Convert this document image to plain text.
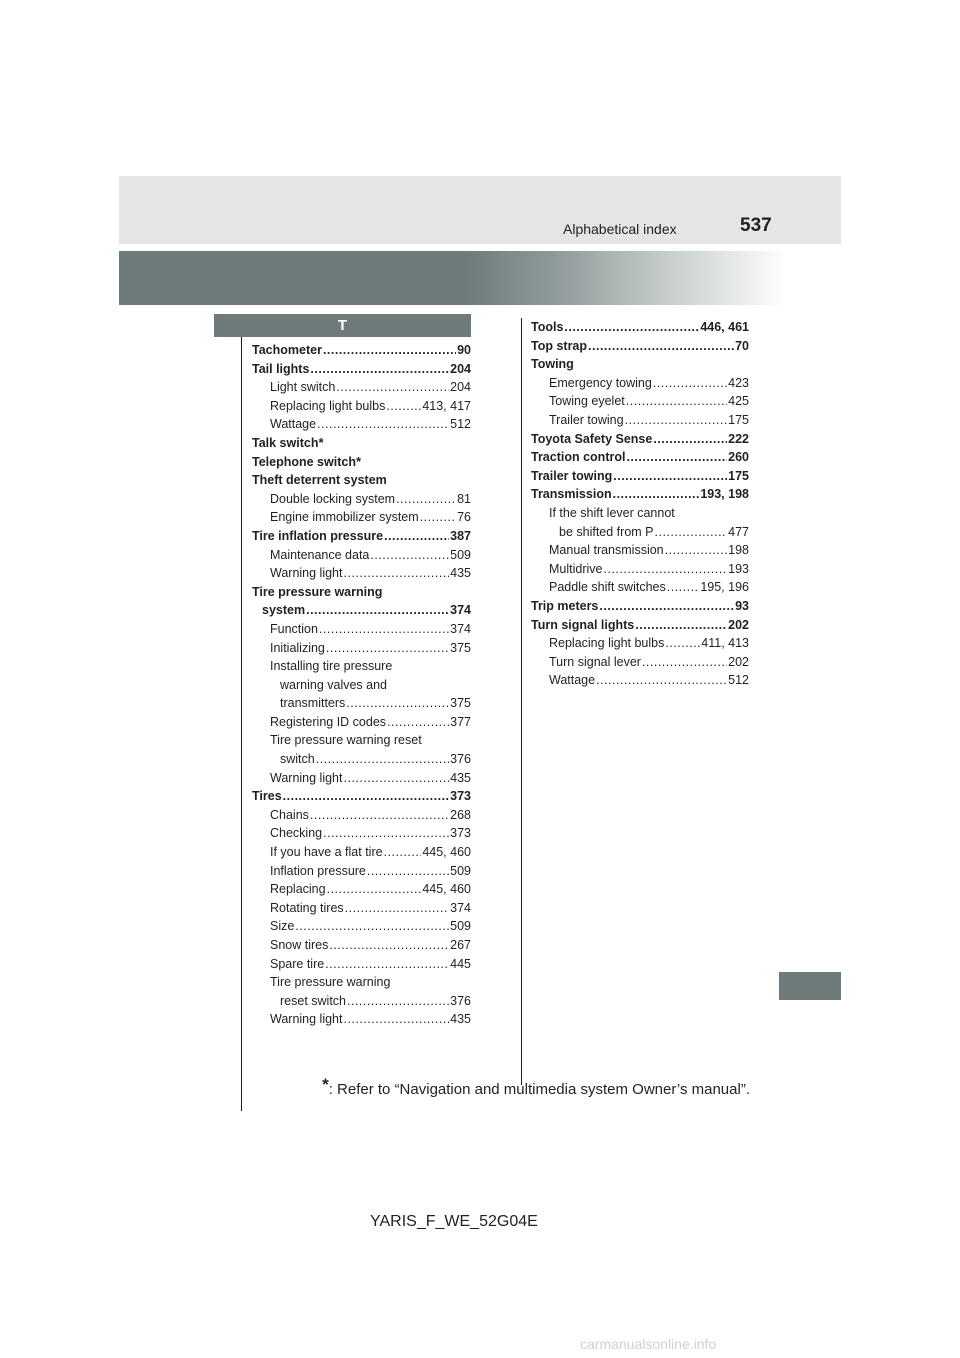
Alphabetical index	537
T
Tachometer .....	90
Tail lights .....	204
Light switch .....	204
Replacing light bulbs .....	413, 417
Wattage .....	512
Talk switch *
Telephone switch *
Theft deterrent system
Double locking system .....	81
Engine immobilizer system .....	76
Tire inflation pressure .....	387
Maintenance data .....	509
Warning light .....	435
Tire pressure warning
system .....	374
Function .....	374
Initializing .....	375
Installing tire pressure
warning valves and
transmitters .....	375
Registering ID codes .....	377
Tire pressure warning reset
switch .....	376
Warning light .....	435
Tires .....	373
Chains .....	268
Checking .....	373
If you have a flat tire .....	445, 460
Inflation pressure .....	509
Replacing .....	445, 460
Rotating tires .....	374
Size .....	509
Snow tires .....	267
Spare tire .....	445
Tire pressure warning
reset switch .....	376
Warning light .....	435
Tools .....	446, 461
Top strap .....	70
Towing
Emergency towing .....	423
Towing eyelet .....	425
Trailer towing .....	175
Toyota Safety Sense .....	222
Traction control .....	260
Trailer towing .....	175
Transmission .....	193, 198
If the shift lever cannot
be shifted from P .....	477
Manual transmission .....	198
Multidrive .....	193
Paddle shift switches .....	195, 196
Trip meters .....	93
Turn signal lights .....	202
Replacing light bulbs .....	411, 413
Turn signal lever .....	202
Wattage .....	512
*: Refer to “Navigation and multimedia system Owner’s manual”.
YARIS_F_WE_52G04E
carmanualsonline.info
